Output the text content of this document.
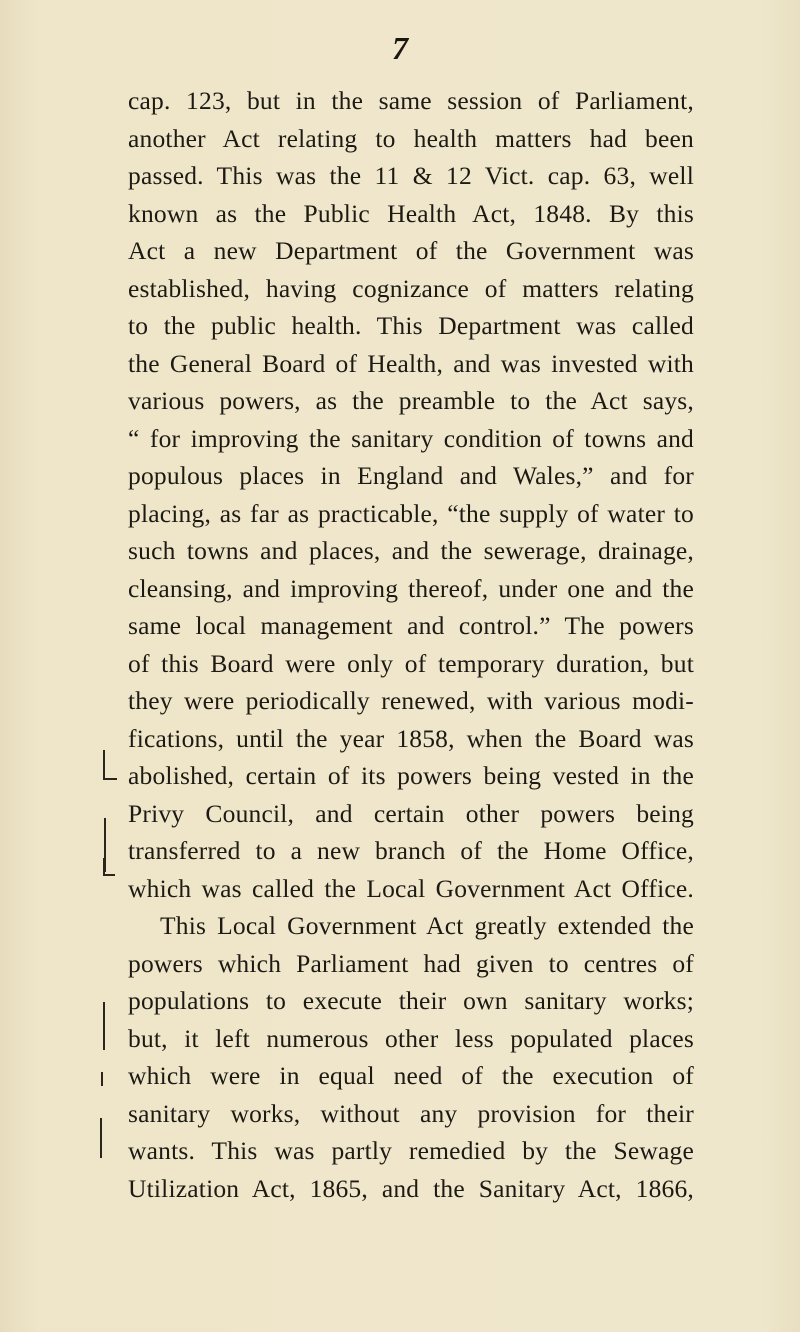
7
cap. 123, but in the same session of Parliament,
another Act relating to health matters had been
passed. This was the 11 & 12 Vict. cap. 63, well
known as the Public Health Act, 1848. By this
Act a new Department of the Government was
established, having cognizance of matters relating
to the public health. This Department was called
the General Board of Health, and was invested with
various powers, as the preamble to the Act says,
“ for improving the sanitary condition of towns and
populous places in England and Wales,” and for
placing, as far as practicable, “the supply of water to
such towns and places, and the sewerage, drainage,
cleansing, and improving thereof, under one and the
same local management and control.” The powers
of this Board were only of temporary duration, but
they were periodically renewed, with various modi-
fications, until the year 1858, when the Board was
abolished, certain of its powers being vested in the
Privy Council, and certain other powers being
transferred to a new branch of the Home Office,
which was called the Local Government Act Office.
This Local Government Act greatly extended the
powers which Parliament had given to centres of
populations to execute their own sanitary works;
but, it left numerous other less populated places
which were in equal need of the execution of
sanitary works, without any provision for their
wants. This was partly remedied by the Sewage
Utilization Act, 1865, and the Sanitary Act, 1866,
